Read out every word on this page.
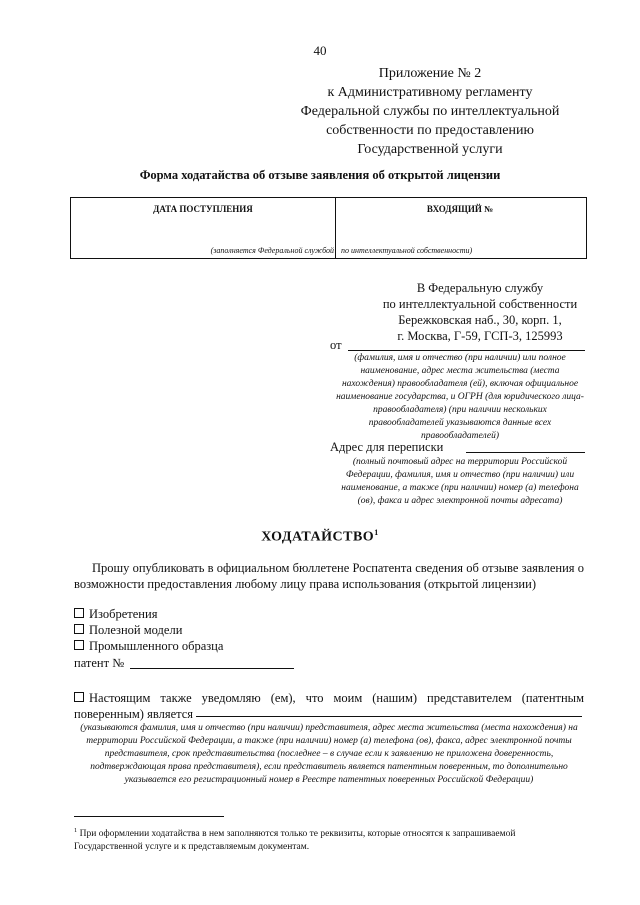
40
Приложение № 2
к Административному регламенту
Федеральной службы по интеллектуальной
собственности по предоставлению
Государственной услуги
Форма ходатайства об отзыве заявления об открытой лицензии
ДАТА ПОСТУПЛЕНИЯ	ВХОДЯЩИЙ №
(заполняется Федеральной службой по интеллектуальной собственности)
В Федеральную службу
по интеллектуальной собственности
Бережковская наб., 30, корп. 1,
г. Москва, Г-59, ГСП-3, 125993
от
(фамилия, имя и отчество (при наличии) или полное наименование, адрес места жительства (места нахождения) правообладателя (ей), включая официальное наименование государства, и ОГРН (для юридического лица-правообладателя) (при наличии нескольких правообладателей указываются данные всех правообладателей)
Адрес для переписки
(полный почтовый адрес на территории Российской Федерации, фамилия, имя и отчество (при наличии) или наименование, а также (при наличии) номер (а) телефона (ов), факса и адрес электронной почты адресата)
ХОДАТАЙСТВО$^1$
Прошу опубликовать в официальном бюллетене Роспатента сведения об отзыве заявления о возможности предоставления любому лицу права использования (открытой лицензии)
Изобретения
Полезной модели
Промышленного образца
патент №
Настоящим также уведомляю (ем), что моим (нашим) представителем (патентным поверенным) является
(указываются фамилия, имя и отчество (при наличии) представителя, адрес места жительства (места нахождения) на территории Российской Федерации, а также (при наличии) номер (а) телефона (ов), факса, адрес электронной почты представителя, срок представительства (последнее – в случае если к заявлению не приложена доверенность, подтверждающая права представителя), если представитель является патентным поверенным, то дополнительно указывается его регистрационный номер в Реестре патентных поверенных Российской Федерации)
$^1$ При оформлении ходатайства в нем заполняются только те реквизиты, которые относятся к запрашиваемой Государственной услуге и к представляемым документам.
